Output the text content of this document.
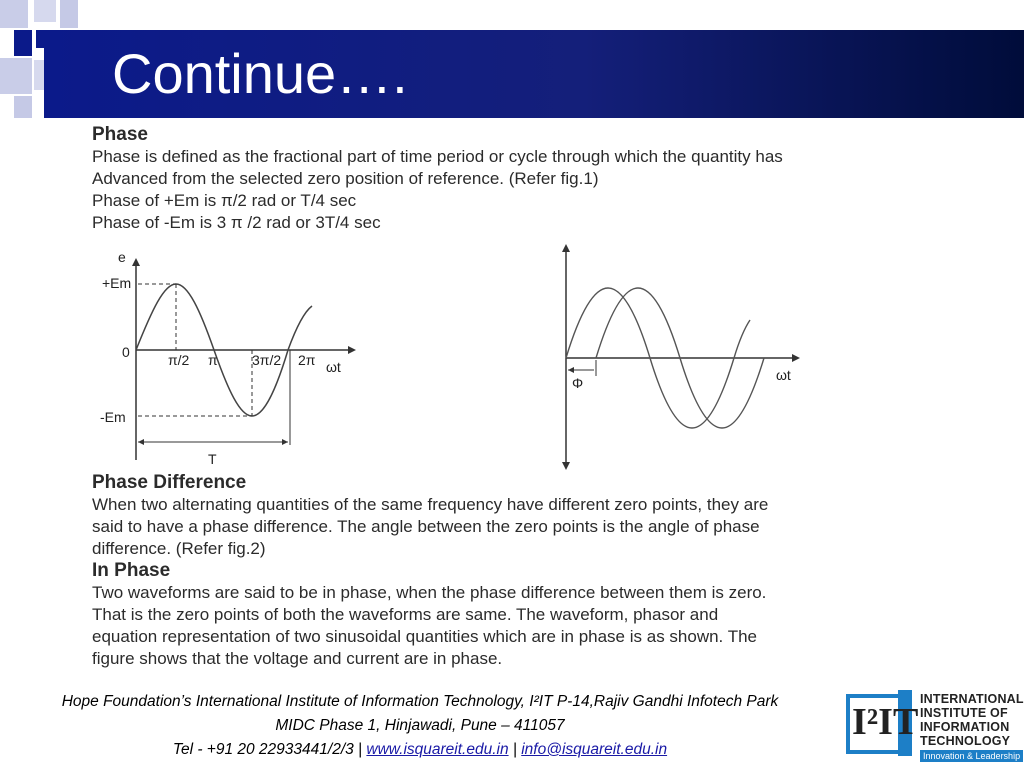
Continue….

Phase

Phase is defined as the fractional part of time period or cycle through which the quantity has

Advanced from the selected zero position of reference. (Refer fig.1)

Phase of +Em is π/2 rad or T/4 sec

Phase of -Em is 3 π /2 rad or 3T/4 sec

e
+Em
0
-Em
π/2 π 3π/2 2π ωt
T
Φ	ωt

Phase Difference

When two alternating quantities of the same frequency have different zero points, they are

said to have a phase difference. The angle between the zero points is the angle of phase

difference. (Refer fig.2)

In Phase

Two waveforms are said to be in phase, when the phase difference between them is zero.

That is the zero points of both the waveforms are same. The waveform, phasor and

equation representation of two sinusoidal quantities which are in phase is as shown. The

figure shows that the voltage and current are in phase.

Hope Foundation’s International Institute of Information Technology, I²IT P-14,Rajiv Gandhi Infotech Park
MIDC Phase 1, Hinjawadi, Pune – 411057
Tel - +91 20 22933441/2/3 | www.isquareit.edu.in | info@isquareit.edu.in
I²IT
INTERNATIONAL
INSTITUTE OF
INFORMATION
TECHNOLOGY
Innovation & Leadership
